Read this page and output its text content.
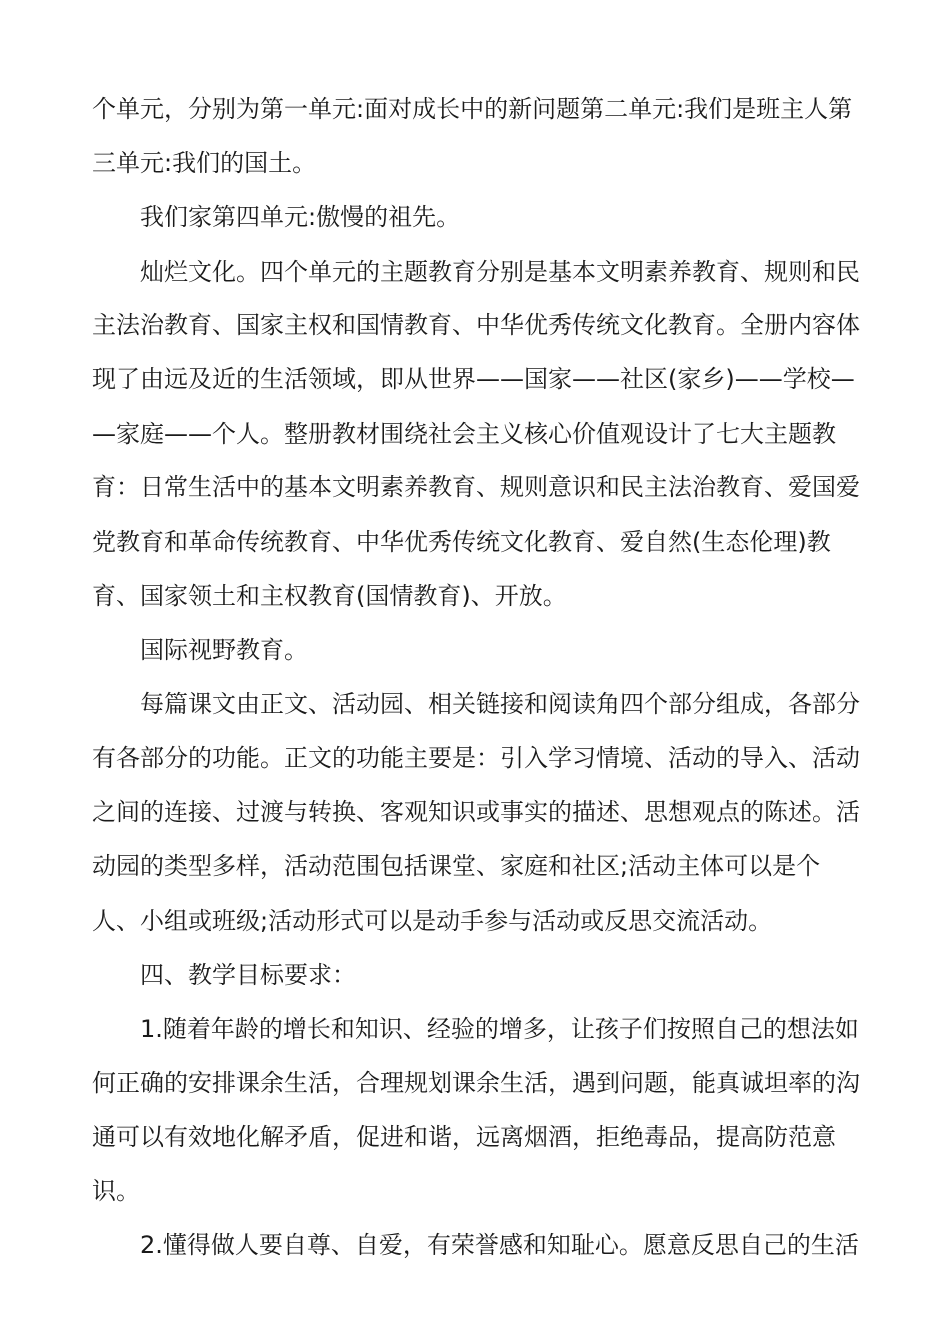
个单元，分别为第一单元:面对成长中的新问题第二单元:我们是班主人第
三单元:我们的国土。
我们家第四单元:傲慢的祖先。
灿烂文化。四个单元的主题教育分别是基本文明素养教育、规则和民
主法治教育、国家主权和国情教育、中华优秀传统文化教育。全册内容体
现了由远及近的生活领域，即从世界——国家——社区(家乡)——学校—
—家庭——个人。整册教材围绕社会主义核心价值观设计了七大主题教
育：日常生活中的基本文明素养教育、规则意识和民主法治教育、爱国爱
党教育和革命传统教育、中华优秀传统文化教育、爱自然(生态伦理)教
育、国家领土和主权教育(国情教育)、开放。
国际视野教育。
每篇课文由正文、活动园、相关链接和阅读角四个部分组成，各部分
有各部分的功能。正文的功能主要是：引入学习情境、活动的导入、活动
之间的连接、过渡与转换、客观知识或事实的描述、思想观点的陈述。活
动园的类型多样，活动范围包括课堂、家庭和社区;活动主体可以是个
人、小组或班级;活动形式可以是动手参与活动或反思交流活动。
四、教学目标要求：
1.随着年龄的增长和知识、经验的增多，让孩子们按照自己的想法如
何正确的安排课余生活，合理规划课余生活，遇到问题，能真诚坦率的沟
通可以有效地化解矛盾，促进和谐，远离烟酒，拒绝毒品，提高防范意
识。
2.懂得做人要自尊、自爱，有荣誉感和知耻心。愿意反思自己的生活
